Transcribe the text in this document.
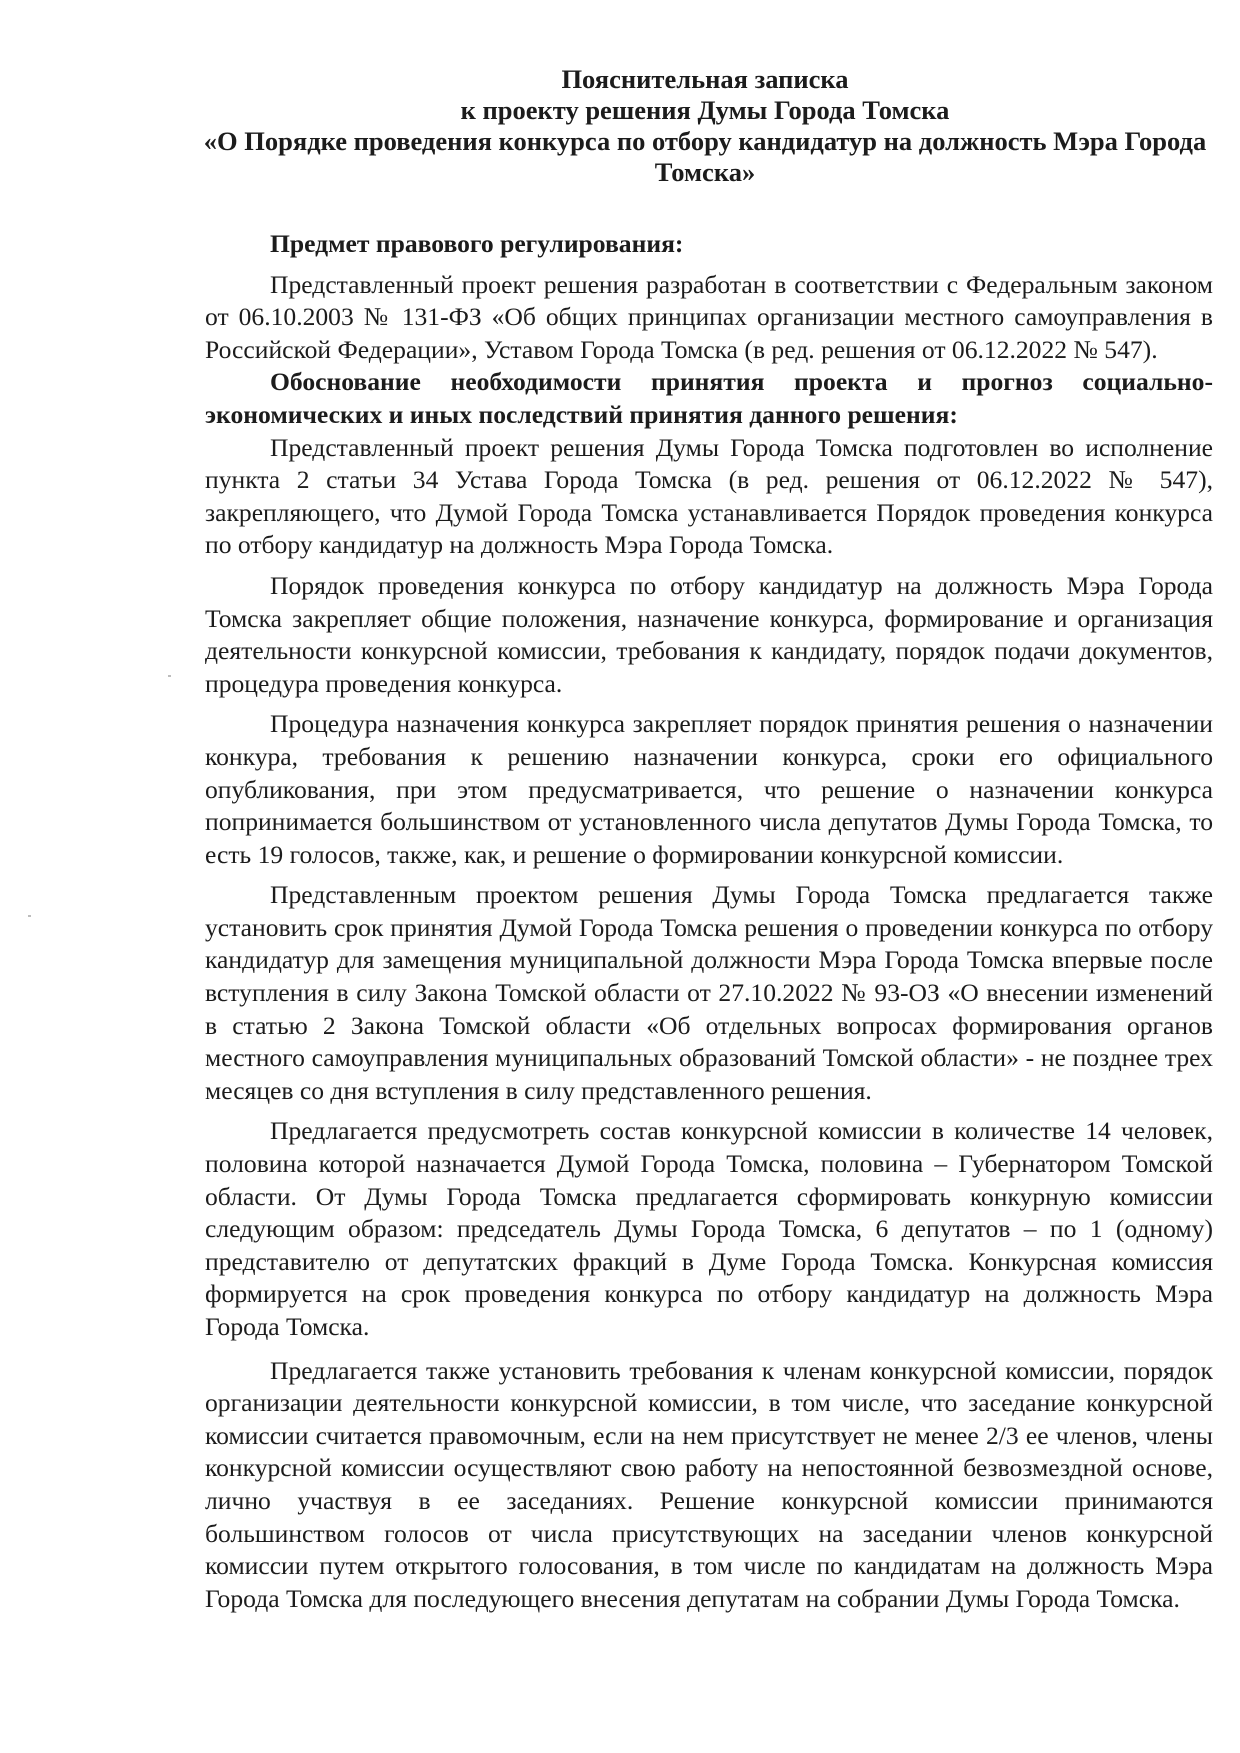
Пояснительная записка
к проекту решения Думы Города Томска
«О Порядке проведения конкурса по отбору кандидатур на должность Мэра Города
Томска»

Предмет правового регулирования:

Представленный проект решения разработан в соответствии с Федеральным законом от 06.10.2003 № 131-ФЗ «Об общих принципах организации местного самоуправления в Российской Федерации», Уставом Города Томска (в ред. решения от 06.12.2022 № 547).

Обоснование необходимости принятия проекта и прогноз социально-экономических и иных последствий принятия данного решения:

Представленный проект решения Думы Города Томска подготовлен во исполнение пункта 2 статьи 34 Устава Города Томска (в ред. решения от 06.12.2022 № 547), закрепляющего, что Думой Города Томска устанавливается Порядок проведения конкурса по отбору кандидатур на должность Мэра Города Томска.

Порядок проведения конкурса по отбору кандидатур на должность Мэра Города Томска закрепляет общие положения, назначение конкурса, формирование и организация деятельности конкурсной комиссии, требования к кандидату, порядок подачи документов, процедура проведения конкурса.

Процедура назначения конкурса закрепляет порядок принятия решения о назначении конкура, требования к решению назначении конкурса, сроки его официального опубликования, при этом предусматривается, что решение о назначении конкурса попринимается большинством от установленного числа депутатов Думы Города Томска, то есть 19 голосов, также, как, и решение о формировании конкурсной комиссии.

Представленным проектом решения Думы Города Томска предлагается также установить срок принятия Думой Города Томска решения о проведении конкурса по отбору кандидатур для замещения муниципальной должности Мэра Города Томска впервые после вступления в силу Закона Томской области от 27.10.2022 № 93-ОЗ «О внесении изменений в статью 2 Закона Томской области «Об отдельных вопросах формирования органов местного самоуправления муниципальных образований Томской области» - не позднее трех месяцев со дня вступления в силу представленного решения.

Предлагается предусмотреть состав конкурсной комиссии в количестве 14 человек, половина которой назначается Думой Города Томска, половина – Губернатором Томской области. От Думы Города Томска предлагается сформировать конкурную комиссии следующим образом: председатель Думы Города Томска, 6 депутатов – по 1 (одному) представителю от депутатских фракций в Думе Города Томска. Конкурсная комиссия формируется на срок проведения конкурса по отбору кандидатур на должность Мэра Города Томска.

Предлагается также установить требования к членам конкурсной комиссии, порядок организации деятельности конкурсной комиссии, в том числе, что заседание конкурсной комиссии считается правомочным, если на нем присутствует не менее 2/3 ее членов, члены конкурсной комиссии осуществляют свою работу на непостоянной безвозмездной основе, лично участвуя в ее заседаниях. Решение конкурсной комиссии принимаются большинством голосов от числа присутствующих на заседании членов конкурсной комиссии путем открытого голосования, в том числе по кандидатам на должность Мэра Города Томска для последующего внесения депутатам на собрании Думы Города Томска.
